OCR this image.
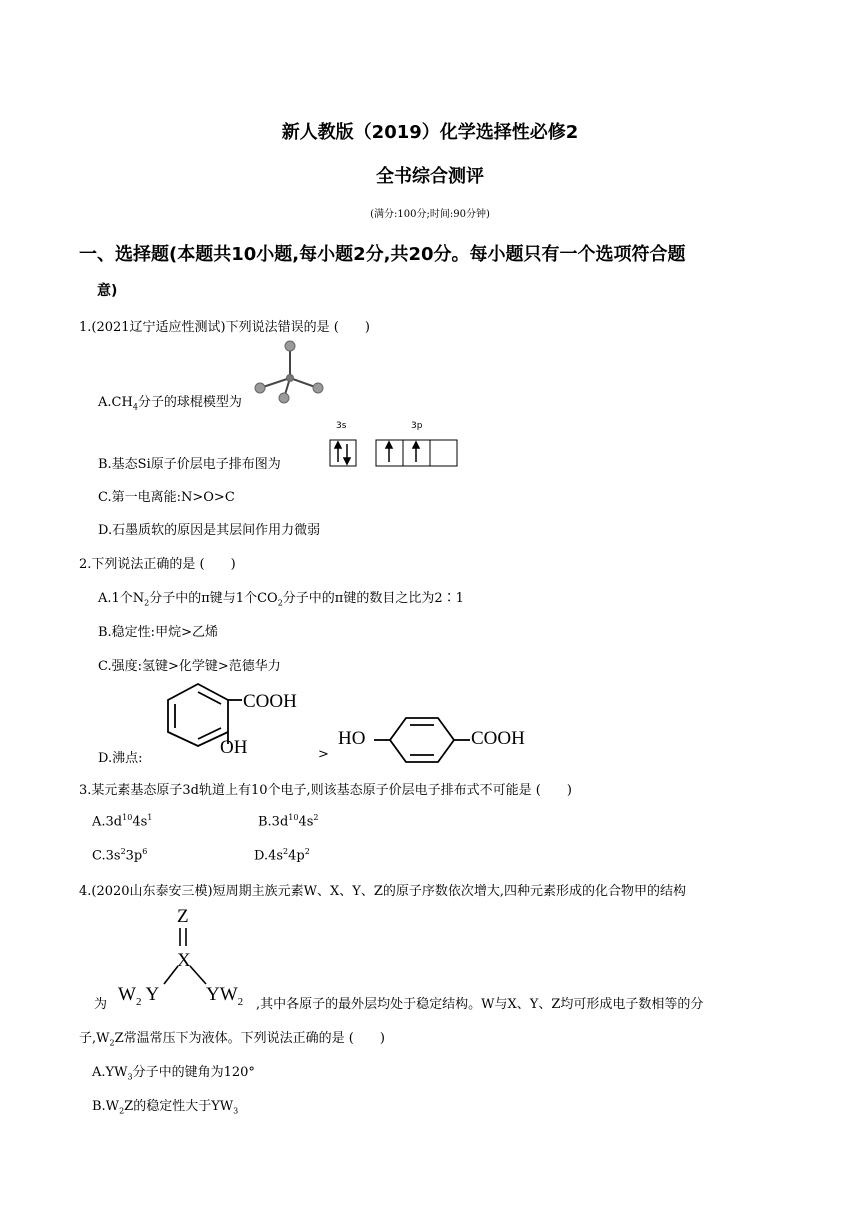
新人教版（2019）化学选择性必修2
全书综合测评
(满分:100分;时间:90分钟)
一、选择题(本题共10小题,每小题2分,共20分。每小题只有一个选项符合题
意)
1.(2021辽宁适应性测试)下列说法错误的是 (　　)
$A.CH_4$分子的球棍模型为
3s	3p
B.基态Si原子价层电子排布图为
C.第一电离能:N>O>C
D.石墨质软的原因是其层间作用力微弱
2.下列说法正确的是 (　　)
A.1个$N_2$分子中的π键与1个$CO_2$分子中的π键的数目之比为2∶1
B.稳定性:甲烷>乙烯
C.强度:氢键>化学键>范德华力
COOH
OH
D.沸点:	>
HO	COOH
3.某元素基态原子3d轨道上有10个电子,则该基态原子价层电子排布式不可能是 (　　)
$A.3d^{10}4s^1$	$B.3d^{10}4s^2$
$C.3s^23p^6$	$D.4s^24p^2$
4.(2020山东泰安三模)短周期主族元素W、X、Y、Z的原子序数依次增大,四种元素形成的化合物甲的结构
Z
X
为 $W_2$ Y $YW_2$ ,其中各原子的最外层均处于稳定结构。W与X、Y、Z均可形成电子数相等的分
子$,W_2Z$常温常压下为液体。下列说法正确的是 (　　)
$A.YW_3$分子中的键角为120°
$B.W_2Z$的稳定性大于$YW_3$
